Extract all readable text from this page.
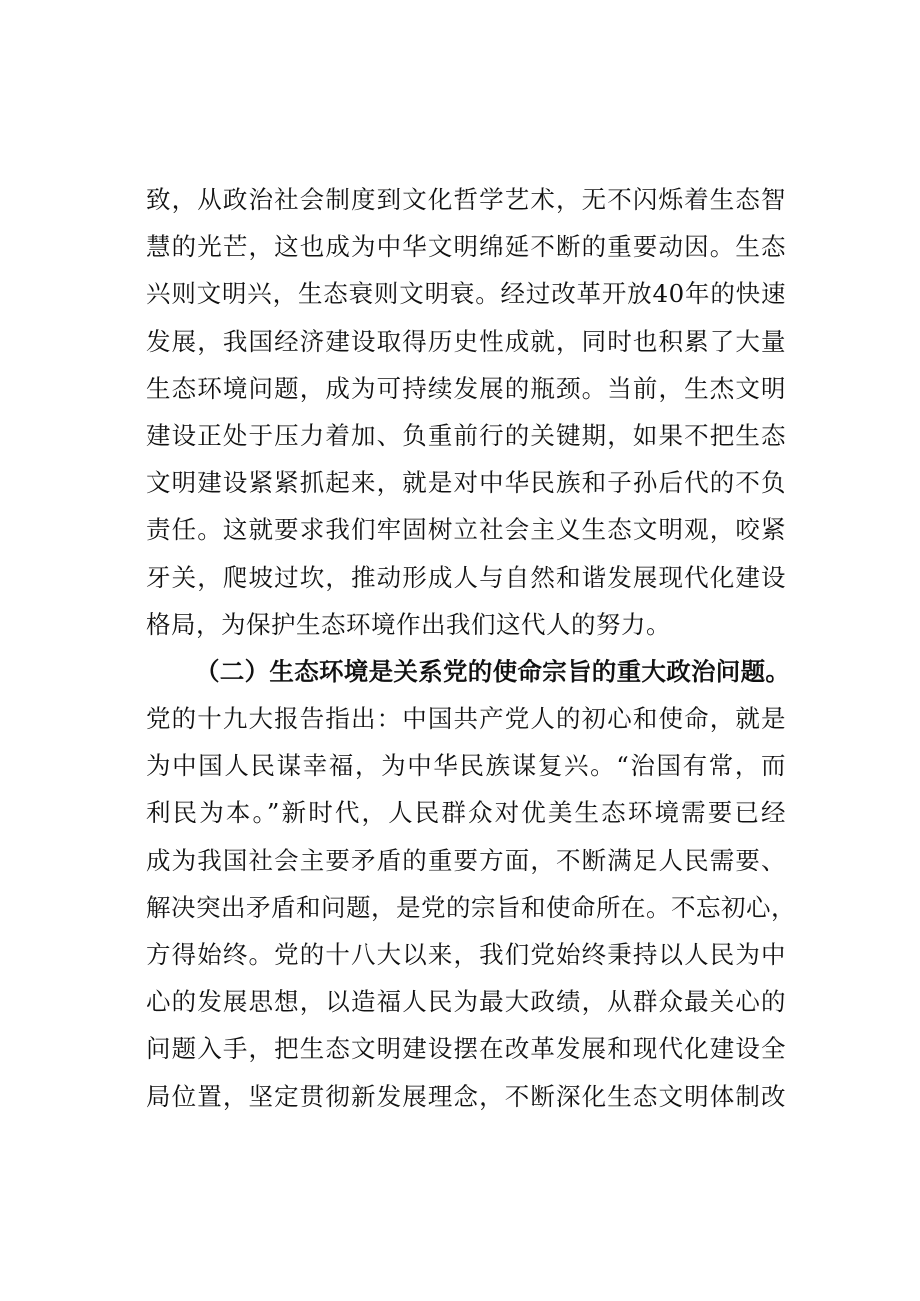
致，从政治社会制度到文化哲学艺术，无不闪烁着生态智
慧的光芒，这也成为中华文明绵延不断的重要动因。生态
兴则文明兴，生态衰则文明衰。经过改革开放40年的快速
发展，我国经济建设取得历史性成就，同时也积累了大量
生态环境问题，成为可持续发展的瓶颈。当前，生杰文明
建设正处于压力着加、负重前行的关键期，如果不把生态
文明建设紧紧抓起来，就是对中华民族和子孙后代的不负
责任。这就要求我们牢固树立社会主义生态文明观，咬紧
牙关，爬坡过坎，推动形成人与自然和谐发展现代化建设
格局，为保护生态环境作出我们这代人的努力。
（二）生态环境是关系党的使命宗旨的重大政治问题。
党的十九大报告指出：中国共产党人的初心和使命，就是
为中国人民谋幸福，为中华民族谋复兴。“治国有常，而
利民为本。”新时代，人民群众对优美生态环境需要已经
成为我国社会主要矛盾的重要方面，不断满足人民需要、
解决突出矛盾和问题，是党的宗旨和使命所在。不忘初心，
方得始终。党的十八大以来，我们党始终秉持以人民为中
心的发展思想，以造福人民为最大政绩，从群众最关心的
问题入手，把生态文明建设摆在改革发展和现代化建设全
局位置，坚定贯彻新发展理念，不断深化生态文明体制改
